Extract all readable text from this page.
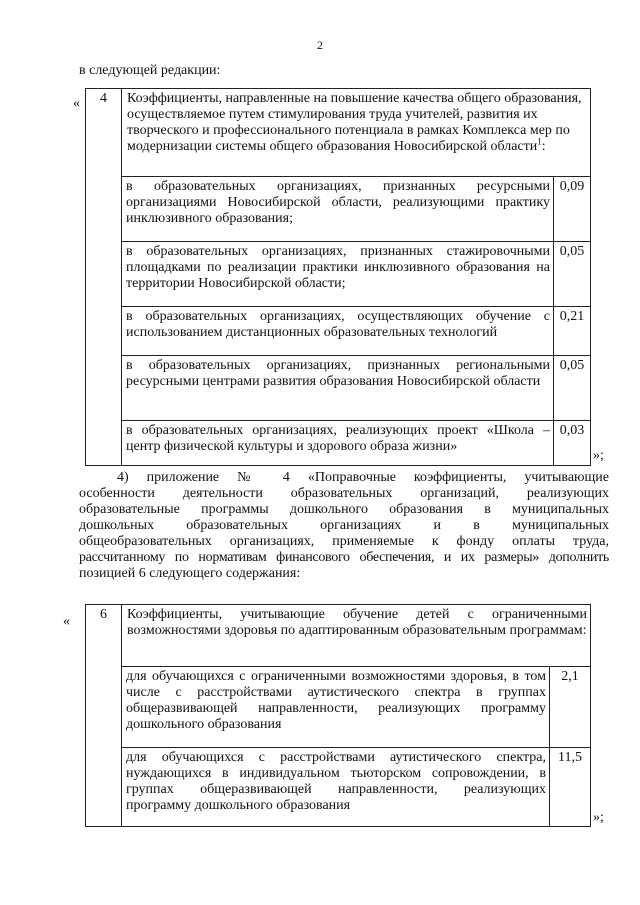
2
в следующей редакции:
« 4	Коэффициенты, направленные на повышение качества общего образования, осуществляемое путем стимулирования труда учителей, развития их творческого и профессионального потенциала в рамках Комплекса мер по модернизации системы общего образования Новосибирской области$^1$:	

	в образовательных организациях, признанных ресурсными организациями Новосибирской области, реализующими практику инклюзивного образования;	0,09

	в образовательных организациях, признанных стажировочными площадками по реализации практики инклюзивного образования на территории Новосибирской области;	0,05

	в образовательных организациях, осуществляющих обучение с использованием дистанционных образовательных технологий	0,21

	в образовательных организациях, признанных региональными ресурсными центрами развития образования Новосибирской области	0,05

	в образовательных организациях, реализующих проект «Школа – центр физической культуры и здорового образа жизни»	0,03
»;
4) приложение № 4 «Поправочные коэффициенты, учитывающие
особенности деятельности образовательных организаций, реализующих
образовательные программы дошкольного образования в муниципальных
дошкольных образовательных организациях и в муниципальных
общеобразовательных организациях, применяемые к фонду оплаты труда,
рассчитанному по нормативам финансового обеспечения, и их размеры» дополнить
позицией 6 следующего содержания:
« 6	Коэффициенты, учитывающие обучение детей с ограниченными возможностями здоровья по адаптированным образовательным программам:	

	для обучающихся с ограниченными возможностями здоровья, в том числе с расстройствами аутистического спектра в группах общеразвивающей направленности, реализующих программу дошкольного образования	2,1

	для обучающихся с расстройствами аутистического спектра, нуждающихся в индивидуальном тьюторском сопровождении, в группах общеразвивающей направленности, реализующих программу дошкольного образования	11,5
»;
